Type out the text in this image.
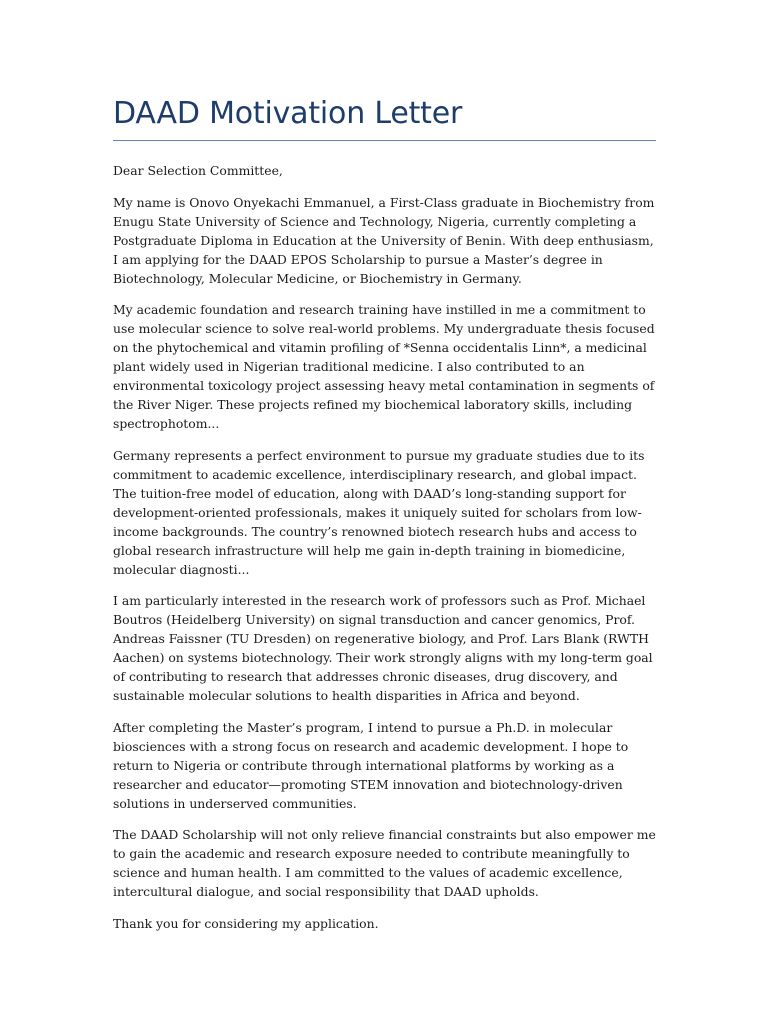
DAAD Motivation Letter

Dear Selection Committee,

My name is Onovo Onyekachi Emmanuel, a First-Class graduate in Biochemistry from Enugu State University of Science and Technology, Nigeria, currently completing a Postgraduate Diploma in Education at the University of Benin. With deep enthusiasm, I am applying for the DAAD EPOS Scholarship to pursue a Master’s degree in Biotechnology, Molecular Medicine, or Biochemistry in Germany.

My academic foundation and research training have instilled in me a commitment to use molecular science to solve real-world problems. My undergraduate thesis focused on the phytochemical and vitamin profiling of *Senna occidentalis Linn*, a medicinal plant widely used in Nigerian traditional medicine. I also contributed to an environmental toxicology project assessing heavy metal contamination in segments of the River Niger. These projects refined my biochemical laboratory skills, including spectrophotom...

Germany represents a perfect environment to pursue my graduate studies due to its commitment to academic excellence, interdisciplinary research, and global impact. The tuition-free model of education, along with DAAD’s long-standing support for development-oriented professionals, makes it uniquely suited for scholars from low-income backgrounds. The country’s renowned biotech research hubs and access to global research infrastructure will help me gain in-depth training in biomedicine, molecular diagnosti...

I am particularly interested in the research work of professors such as Prof. Michael Boutros (Heidelberg University) on signal transduction and cancer genomics, Prof. Andreas Faissner (TU Dresden) on regenerative biology, and Prof. Lars Blank (RWTH Aachen) on systems biotechnology. Their work strongly aligns with my long-term goal of contributing to research that addresses chronic diseases, drug discovery, and sustainable molecular solutions to health disparities in Africa and beyond.

After completing the Master’s program, I intend to pursue a Ph.D. in molecular biosciences with a strong focus on research and academic development. I hope to return to Nigeria or contribute through international platforms by working as a researcher and educator—promoting STEM innovation and biotechnology-driven solutions in underserved communities.

The DAAD Scholarship will not only relieve financial constraints but also empower me to gain the academic and research exposure needed to contribute meaningfully to science and human health. I am committed to the values of academic excellence, intercultural dialogue, and social responsibility that DAAD upholds.

Thank you for considering my application.
